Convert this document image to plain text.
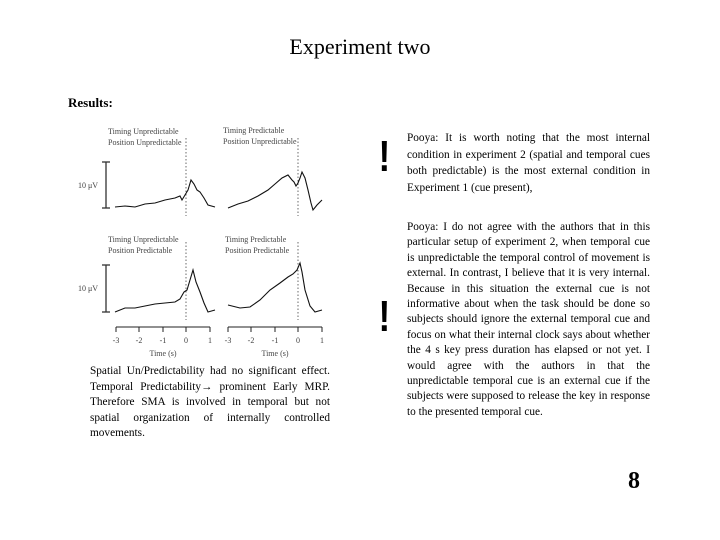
Experiment two
Results:
Timing Unpredictable
Position Unpredictable
Timing Predictable
Position Unpredictable
Timing Unpredictable
Position Predictable
Timing Predictable
Position Predictable
10 μV
10 μV
-3 -2 -1 0	1 -3 -2 -1 0	1
Time (s)	Time (s)
Spatial Un/Predictability had no significant effect. Temporal Predictability→ prominent Early MRP. Therefore SMA is involved in temporal but not spatial organization of internally controlled movements.
! Pooya: It is worth noting that the most internal condition in experiment 2 (spatial and temporal cues both predictable) is the most external condition in Experiment 1 (cue present),
!
Pooya: I do not agree with the authors that in this particular setup of experiment 2, when temporal cue is unpredictable the temporal control of movement is external. In contrast, I believe that it is very internal. Because in this situation the external cue is not informative about when the task should be done so subjects should ignore the external temporal cue and focus on what their internal clock says about whether the 4 s key press duration has elapsed or not yet. I would agree with the authors in that the unpredictable temporal cue is an external cue if the subjects were supposed to release the key in response to the presented temporal cue.
8
